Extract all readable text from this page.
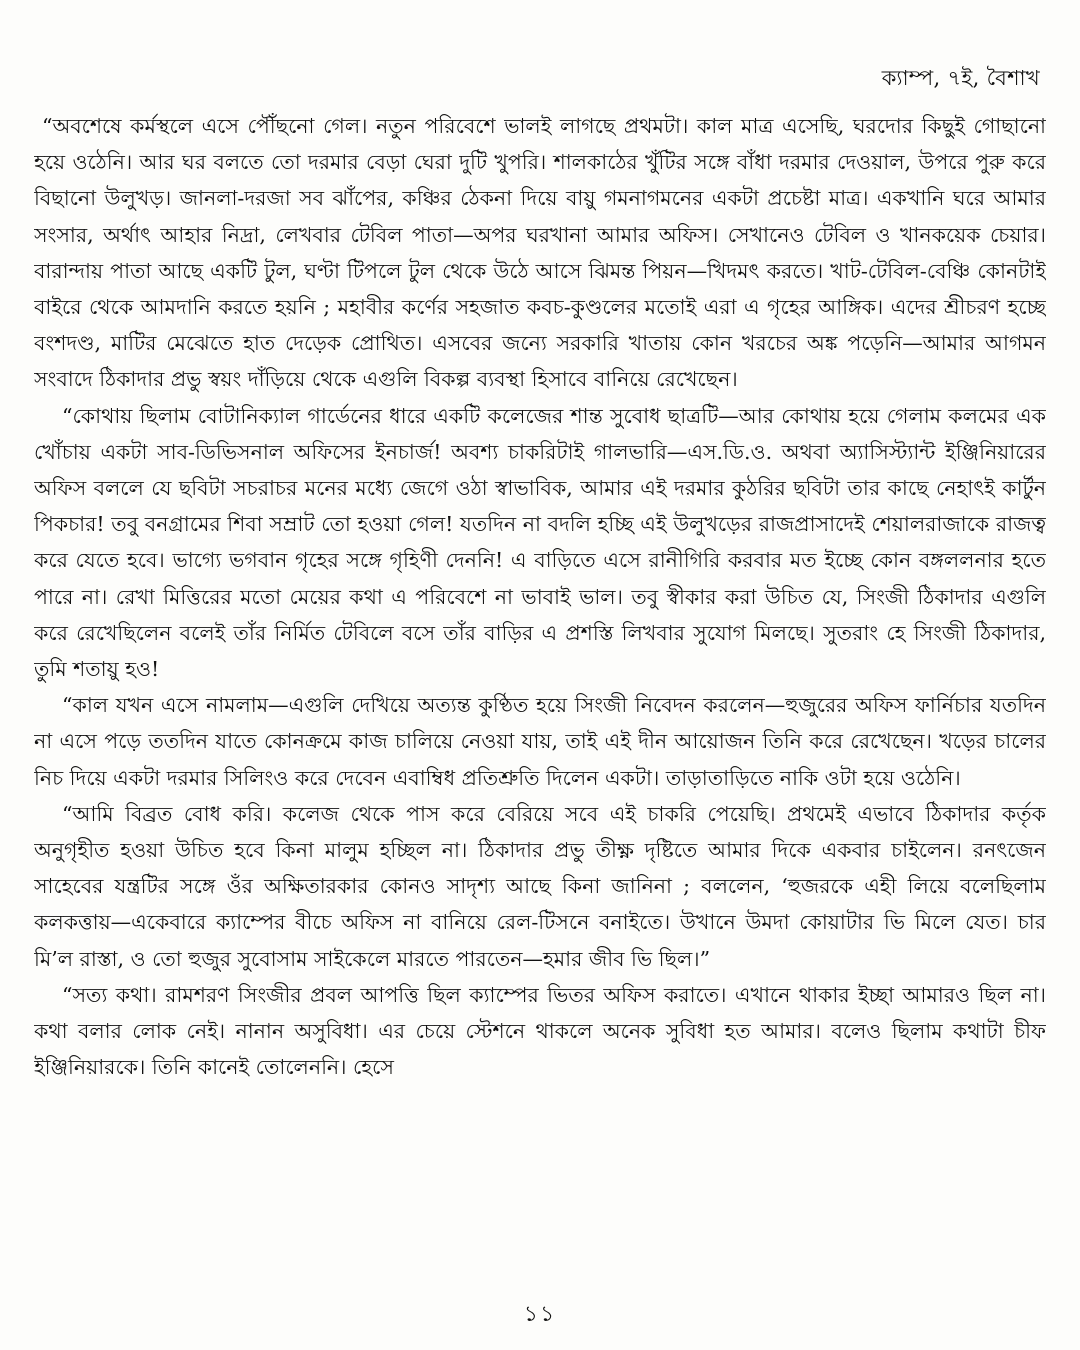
ক্যাম্প, ৭ই, বৈশাখ

“অবশেষে কর্মস্থলে এসে পৌঁছনো গেল। নতুন পরিবেশে ভালই লাগছে প্রথমটা। কাল মাত্র এসেছি, ঘরদোর কিছুই গোছানো হয়ে ওঠেনি। আর ঘর বলতে তো দরমার বেড়া ঘেরা দুটি খুপরি। শালকাঠের খুঁটির সঙ্গে বাঁধা দরমার দেওয়াল, উপরে পুরু করে বিছানো উলুখড়। জানলা-দরজা সব ঝাঁপের, কঞ্চির ঠেকনা দিয়ে বায়ু গমনাগমনের একটা প্রচেষ্টা মাত্র। একখানি ঘরে আমার সংসার, অর্থাৎ আহার নিদ্রা, লেখবার টেবিল পাতা—অপর ঘরখানা আমার অফিস। সেখানেও টেবিল ও খানকয়েক চেয়ার। বারান্দায় পাতা আছে একটি টুল, ঘণ্টা টিপলে টুল থেকে উঠে আসে ঝিমন্ত পিয়ন—খিদমৎ করতে। খাট-টেবিল-বেঞ্চি কোনটাই বাইরে থেকে আমদানি করতে হয়নি ; মহাবীর কর্ণের সহজাত কবচ-কুণ্ডলের মতোই এরা এ গৃহের আঙ্গিক। এদের শ্রীচরণ হচ্ছে বংশদণ্ড, মাটির মেঝেতে হাত দেড়েক প্রোথিত। এসবের জন্যে সরকারি খাতায় কোন খরচের অঙ্ক পড়েনি—আমার আগমন সংবাদে ঠিকাদার প্রভু স্বয়ং দাঁড়িয়ে থেকে এগুলি বিকল্প ব্যবস্থা হিসাবে বানিয়ে রেখেছেন।

“কোথায় ছিলাম বোটানিক্যাল গার্ডেনের ধারে একটি কলেজের শান্ত সুবোধ ছাত্রটি—আর কোথায় হয়ে গেলাম কলমের এক খোঁচায় একটা সাব-ডিভিসনাল অফিসের ইনচার্জ! অবশ্য চাকরিটাই গালভারি—এস.ডি.ও. অথবা অ্যাসিস্ট্যান্ট ইঞ্জিনিয়ারের অফিস বললে যে ছবিটা সচরাচর মনের মধ্যে জেগে ওঠা স্বাভাবিক, আমার এই দরমার কুঠরির ছবিটা তার কাছে নেহাৎই কার্টুন পিকচার! তবু বনগ্রামের শিবা সম্রাট তো হওয়া গেল! যতদিন না বদলি হচ্ছি এই উলুখড়ের রাজপ্রাসাদেই শেয়ালরাজাকে রাজত্ব করে যেতে হবে। ভাগ্যে ভগবান গৃহের সঙ্গে গৃহিণী দেননি! এ বাড়িতে এসে রানীগিরি করবার মত ইচ্ছে কোন বঙ্গললনার হতে পারে না। রেখা মিত্তিরের মতো মেয়ের কথা এ পরিবেশে না ভাবাই ভাল। তবু স্বীকার করা উচিত যে, সিংজী ঠিকাদার এগুলি করে রেখেছিলেন বলেই তাঁর নির্মিত টেবিলে বসে তাঁর বাড়ির এ প্রশস্তি লিখবার সুযোগ মিলছে। সুতরাং হে সিংজী ঠিকাদার, তুমি শতায়ু হও!

“কাল যখন এসে নামলাম—এগুলি দেখিয়ে অত্যন্ত কুণ্ঠিত হয়ে সিংজী নিবেদন করলেন—হুজুরের অফিস ফার্নিচার যতদিন না এসে পড়ে ততদিন যাতে কোনক্রমে কাজ চালিয়ে নেওয়া যায়, তাই এই দীন আয়োজন তিনি করে রেখেছেন। খড়ের চালের নিচ দিয়ে একটা দরমার সিলিংও করে দেবেন এবাম্বিধ প্রতিশ্রুতি দিলেন একটা। তাড়াতাড়িতে নাকি ওটা হয়ে ওঠেনি।

“আমি বিব্রত বোধ করি। কলেজ থেকে পাস করে বেরিয়ে সবে এই চাকরি পেয়েছি। প্রথমেই এভাবে ঠিকাদার কর্তৃক অনুগৃহীত হওয়া উচিত হবে কিনা মালুম হচ্ছিল না। ঠিকাদার প্রভু তীক্ষ্ণ দৃষ্টিতে আমার দিকে একবার চাইলেন। রনৎজেন সাহেবের যন্ত্রটির সঙ্গে ওঁর অক্ষিতারকার কোনও সাদৃশ্য আছে কিনা জানিনা ; বললেন, ‘হুজরকে এহী লিয়ে বলেছিলাম কলকত্তায়—একেবারে ক্যাম্পের বীচে অফিস না বানিয়ে রেল-টিসনে বনাইতে। উখানে উমদা কোয়াটার ভি মিলে যেত। চার মি’ল রাস্তা, ও তো হুজুর সুবোসাম সাইকেলে মারতে পারতেন—হমার জীব ভি ছিল।”

“সত্য কথা। রামশরণ সিংজীর প্রবল আপত্তি ছিল ক্যাম্পের ভিতর অফিস করাতে। এখানে থাকার ইচ্ছা আমারও ছিল না। কথা বলার লোক নেই। নানান অসুবিধা। এর চেয়ে স্টেশনে থাকলে অনেক সুবিধা হত আমার। বলেও ছিলাম কথাটা চীফ ইঞ্জিনিয়ারকে। তিনি কানেই তোলেননি। হেসে

১১
